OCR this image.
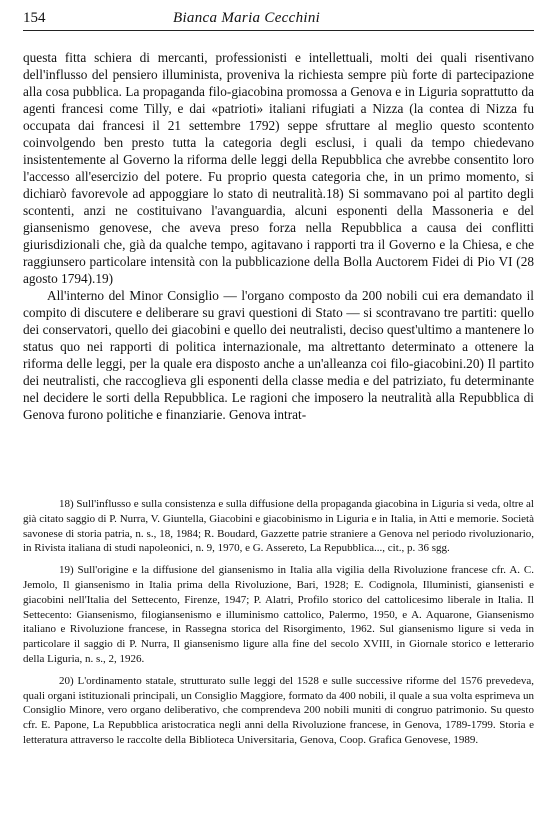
154	Bianca Maria Cecchini

questa fitta schiera di mercanti, professionisti e intellettuali, molti dei quali risentivano dell'influsso del pensiero illuminista, proveniva la richiesta sempre più forte di partecipazione alla cosa pubblica. La propaganda filo-giacobina promossa a Genova e in Liguria soprattutto da agenti francesi come Tilly, e dai «patrioti» italiani rifugiati a Nizza (la contea di Nizza fu occupata dai francesi il 21 settembre 1792) seppe sfruttare al meglio questo scontento coinvolgendo ben presto tutta la categoria degli esclusi, i quali da tempo chiedevano insistentemente al Governo la riforma delle leggi della Repubblica che avrebbe consentito loro l'accesso all'esercizio del potere. Fu proprio questa categoria che, in un primo momento, si dichiarò favorevole ad appoggiare lo stato di neutralità.18) Si sommavano poi al partito degli scontenti, anzi ne costituivano l'avanguardia, alcuni esponenti della Massoneria e del giansenismo genovese, che aveva preso forza nella Repubblica a causa dei conflitti giurisdizionali che, già da qualche tempo, agitavano i rapporti tra il Governo e la Chiesa, e che raggiunsero particolare intensità con la pubblicazione della Bolla Auctorem Fidei di Pio VI (28 agosto 1794).19)

All'interno del Minor Consiglio — l'organo composto da 200 nobili cui era demandato il compito di discutere e deliberare su gravi questioni di Stato — si scontravano tre partiti: quello dei conservatori, quello dei giacobini e quello dei neutralisti, deciso quest'ultimo a mantenere lo status quo nei rapporti di politica internazionale, ma altrettanto determinato a ottenere la riforma delle leggi, per la quale era disposto anche a un'alleanza coi filo-giacobini.20) Il partito dei neutralisti, che raccoglieva gli esponenti della classe media e del patriziato, fu determinante nel decidere le sorti della Repubblica. Le ragioni che imposero la neutralità alla Repubblica di Genova furono politiche e finanziarie. Genova intrat-

18) Sull'influsso e sulla consistenza e sulla diffusione della propaganda giacobina in Liguria si veda, oltre al già citato saggio di P. Nurra, V. Giuntella, Giacobini e giacobinismo in Liguria e in Italia, in Atti e memorie. Società savonese di storia patria, n. s., 18, 1984; R. Boudard, Gazzette patrie straniere a Genova nel periodo rivoluzionario, in Rivista italiana di studi napoleonici, n. 9, 1970, e G. Assereto, La Repubblica..., cit., p. 36 sgg.

19) Sull'origine e la diffusione del giansenismo in Italia alla vigilia della Rivoluzione francese cfr. A. C. Jemolo, Il giansenismo in Italia prima della Rivoluzione, Bari, 1928; E. Codignola, Illuministi, giansenisti e giacobini nell'Italia del Settecento, Firenze, 1947; P. Alatri, Profilo storico del cattolicesimo liberale in Italia. Il Settecento: Giansenismo, filogiansenismo e illuminismo cattolico, Palermo, 1950, e A. Aquarone, Giansenismo italiano e Rivoluzione francese, in Rassegna storica del Risorgimento, 1962. Sul giansenismo ligure si veda in particolare il saggio di P. Nurra, Il giansenismo ligure alla fine del secolo XVIII, in Giornale storico e letterario della Liguria, n. s., 2, 1926.

20) L'ordinamento statale, strutturato sulle leggi del 1528 e sulle successive riforme del 1576 prevedeva, quali organi istituzionali principali, un Consiglio Maggiore, formato da 400 nobili, il quale a sua volta esprimeva un Consiglio Minore, vero organo deliberativo, che comprendeva 200 nobili muniti di congruo patrimonio. Su questo cfr. E. Papone, La Repubblica aristocratica negli anni della Rivoluzione francese, in Genova, 1789-1799. Storia e letteratura attraverso le raccolte della Biblioteca Universitaria, Genova, Coop. Grafica Genovese, 1989.
